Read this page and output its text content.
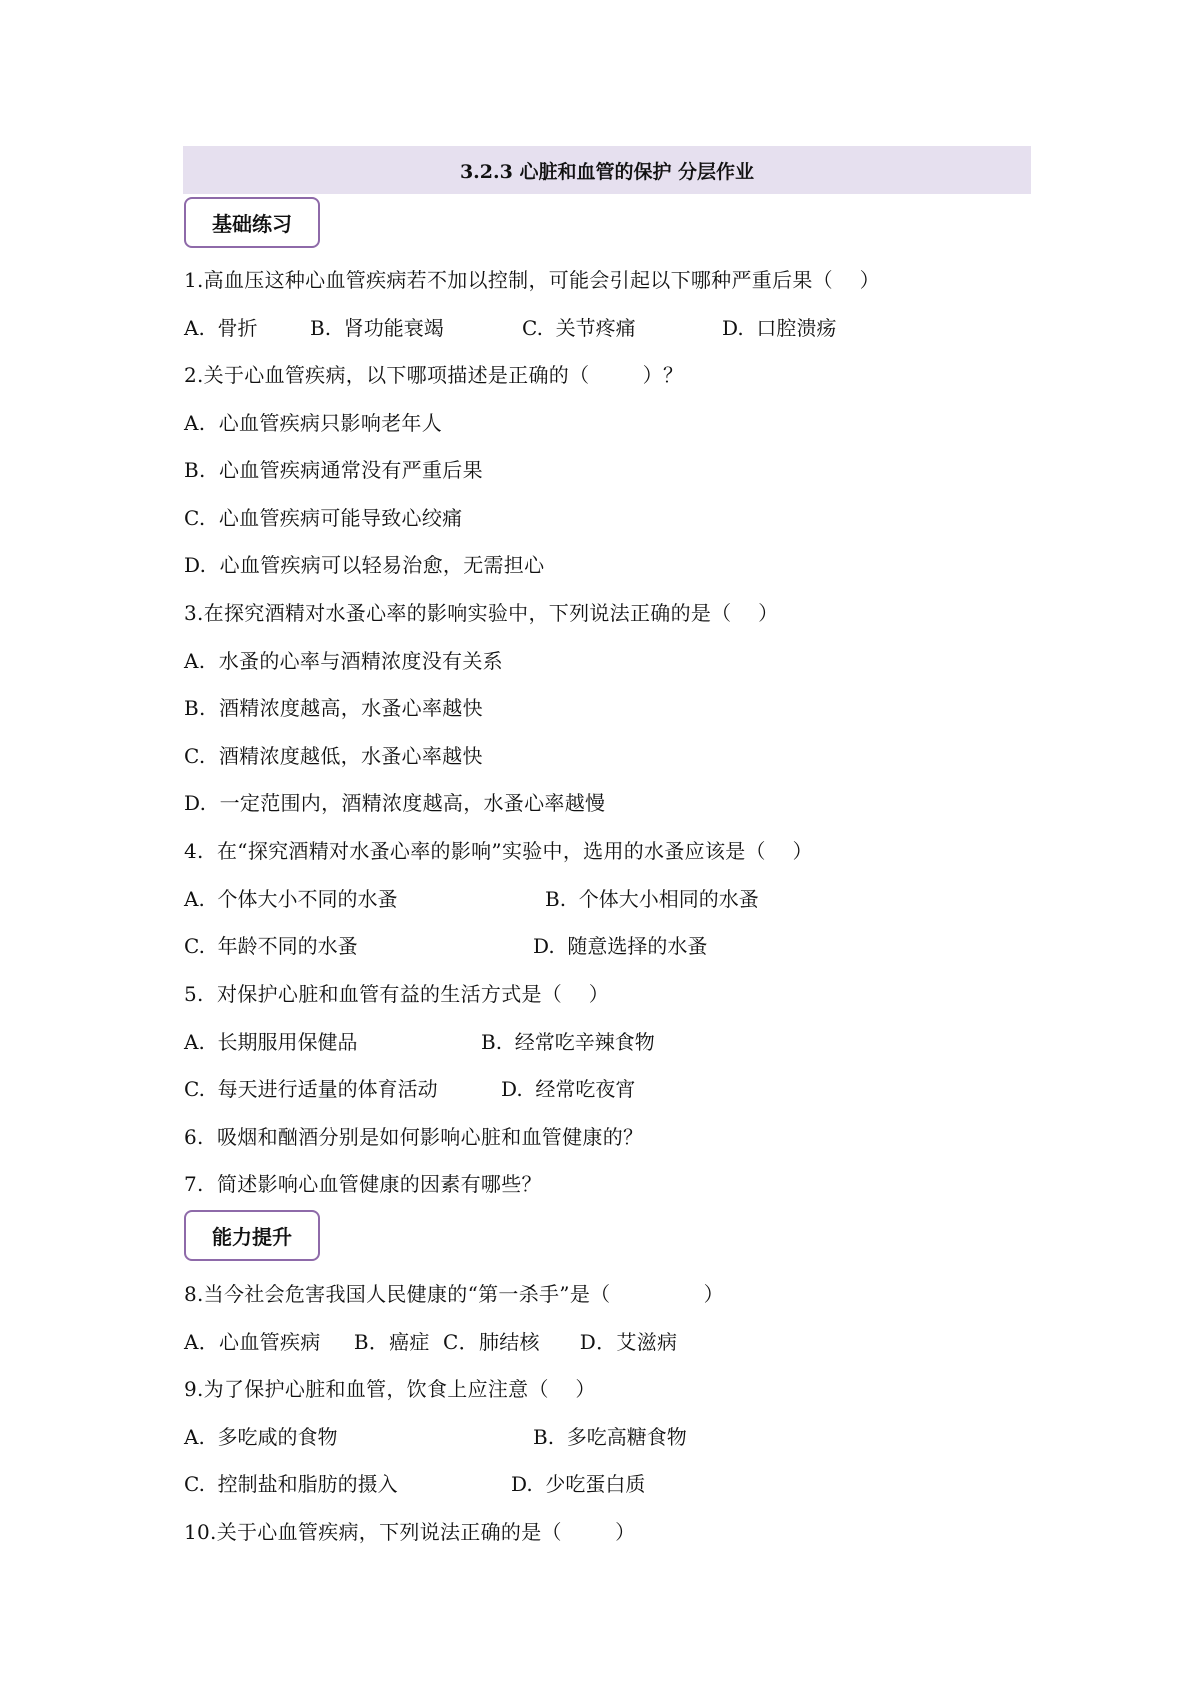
3.2.3 心脏和血管的保护 分层作业
基础练习
1.高血压这种心血管疾病若不加以控制，可能会引起以下哪种严重后果（    ）
A.  骨折	B.  肾功能衰竭	C.  关节疼痛	D.  口腔溃疡
2.关于心血管疾病，以下哪项描述是正确的（        ）？
A.  心血管疾病只影响老年人
B.  心血管疾病通常没有严重后果
C.  心血管疾病可能导致心绞痛
D.  心血管疾病可以轻易治愈，无需担心
3.在探究酒精对水蚤心率的影响实验中，下列说法正确的是（    ）
A.  水蚤的心率与酒精浓度没有关系
B.  酒精浓度越高，水蚤心率越快
C.  酒精浓度越低，水蚤心率越快
D.  一定范围内，酒精浓度越高，水蚤心率越慢
4.  在“探究酒精对水蚤心率的影响”实验中，选用的水蚤应该是（    ）
A.  个体大小不同的水蚤	B.  个体大小相同的水蚤
C.  年龄不同的水蚤	D.  随意选择的水蚤
5.  对保护心脏和血管有益的生活方式是（    ）
A.  长期服用保健品	B.  经常吃辛辣食物
C.  每天进行适量的体育活动	D.  经常吃夜宵
6.  吸烟和酗酒分别是如何影响心脏和血管健康的？
7.  简述影响心血管健康的因素有哪些？
能力提升
8.当今社会危害我国人民健康的“第一杀手”是（              ）
A．心血管疾病     B．癌症  C．肺结核      D．艾滋病
9.为了保护心脏和血管，饮食上应注意（    ）
A.  多吃咸的食物	B.  多吃高糖食物
C.  控制盐和脂肪的摄入	D.  少吃蛋白质
10.关于心血管疾病，下列说法正确的是（        ）
